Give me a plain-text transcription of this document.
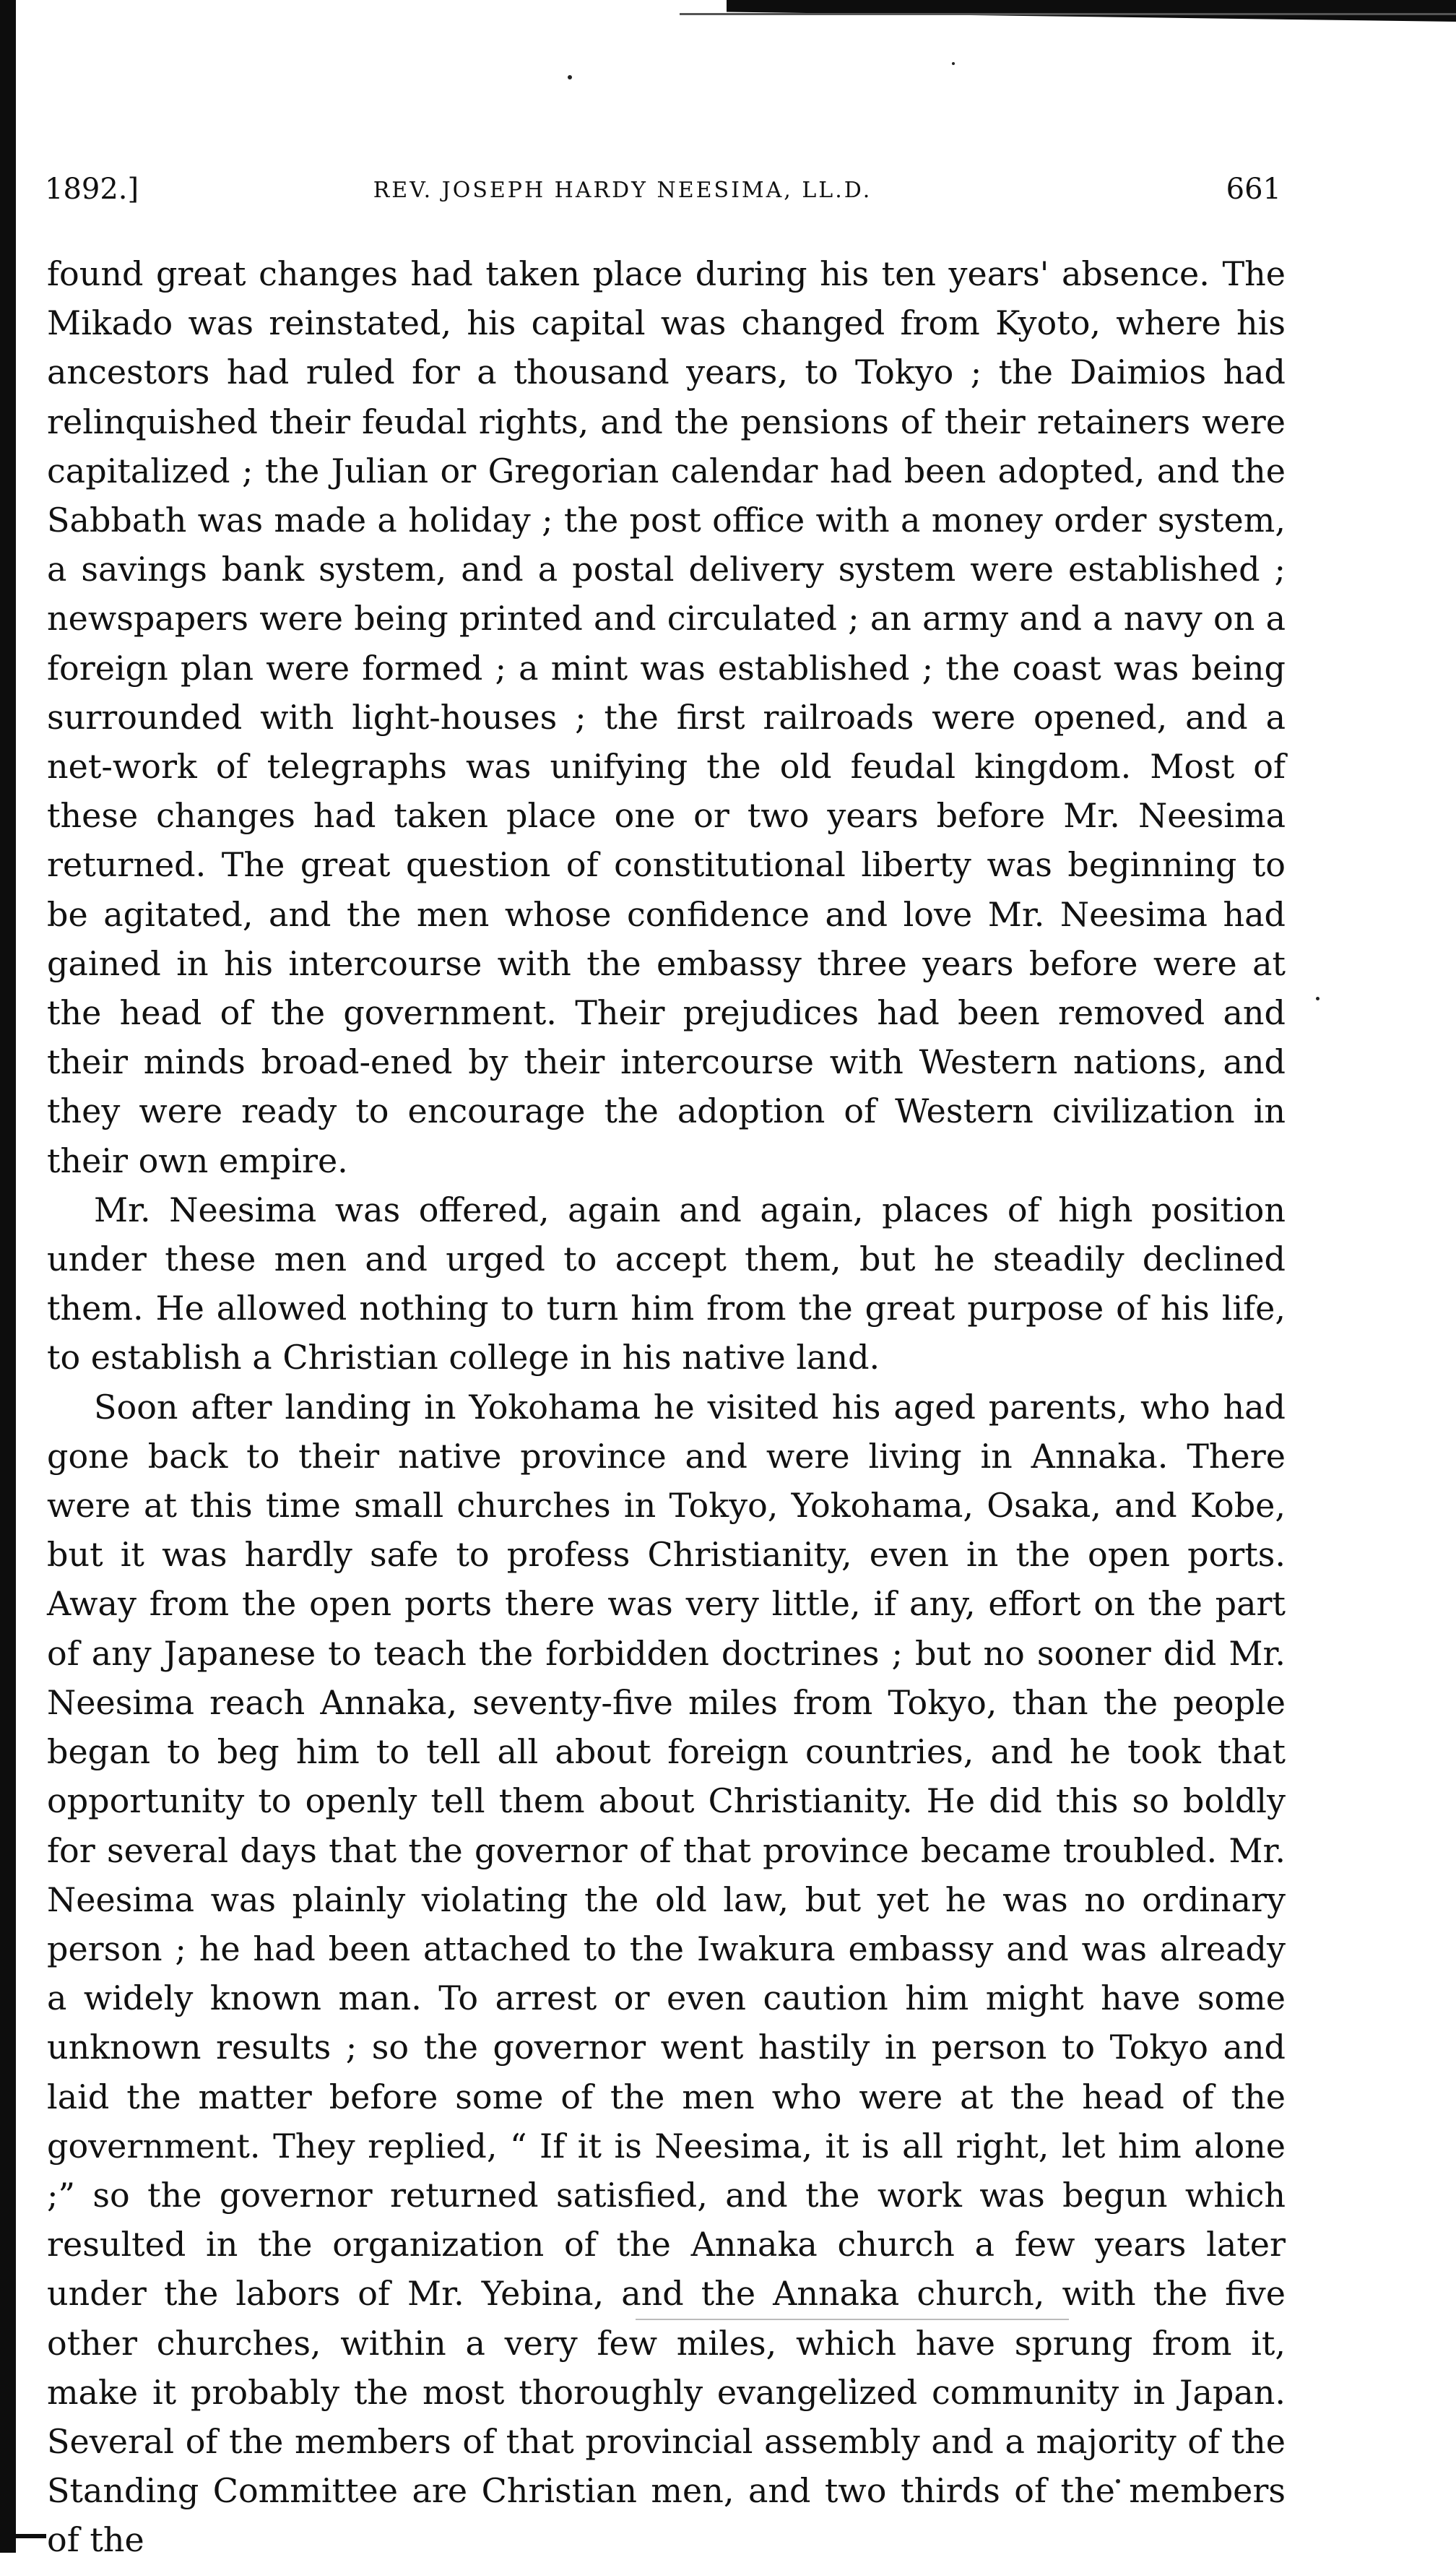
1892.]	REV. JOSEPH HARDY NEESIMA, LL.D.	661

found great changes had taken place during his ten years' absence. The Mikado was reinstated, his capital was changed from Kyoto, where his ancestors had ruled for a thousand years, to Tokyo ; the Daimios had relinquished their feudal rights, and the pensions of their retainers were capitalized ; the Julian or Gregorian calendar had been adopted, and the Sabbath was made a holiday ; the post office with a money order system, a savings bank system, and a postal delivery system were established ; newspapers were being printed and circulated ; an army and a navy on a foreign plan were formed ; a mint was established ; the coast was being surrounded with light-houses ; the first railroads were opened, and a net-work of telegraphs was unifying the old feudal kingdom. Most of these changes had taken place one or two years before Mr. Neesima returned. The great question of constitutional liberty was beginning to be agitated, and the men whose confidence and love Mr. Neesima had gained in his intercourse with the embassy three years before were at the head of the government. Their prejudices had been removed and their minds broad-ened by their intercourse with Western nations, and they were ready to encourage the adoption of Western civilization in their own empire.

Mr. Neesima was offered, again and again, places of high position under these men and urged to accept them, but he steadily declined them. He allowed nothing to turn him from the great purpose of his life, to establish a Christian college in his native land.

Soon after landing in Yokohama he visited his aged parents, who had gone back to their native province and were living in Annaka. There were at this time small churches in Tokyo, Yokohama, Osaka, and Kobe, but it was hardly safe to profess Christianity, even in the open ports. Away from the open ports there was very little, if any, effort on the part of any Japanese to teach the forbidden doctrines ; but no sooner did Mr. Neesima reach Annaka, seventy-five miles from Tokyo, than the people began to beg him to tell all about foreign countries, and he took that opportunity to openly tell them about Christianity. He did this so boldly for several days that the governor of that province became troubled. Mr. Neesima was plainly violating the old law, but yet he was no ordinary person ; he had been attached to the Iwakura embassy and was already a widely known man. To arrest or even caution him might have some unknown results ; so the governor went hastily in person to Tokyo and laid the matter before some of the men who were at the head of the government. They replied, “ If it is Neesima, it is all right, let him alone ;” so the governor returned satisfied, and the work was begun which resulted in the organization of the Annaka church a few years later under the labors of Mr. Yebina, and the Annaka church, with the five other churches, within a very few miles, which have sprung from it, make it probably the most thoroughly evangelized community in Japan. Several of the members of that provincial assembly and a majority of the Standing Committee are Christian men, and two thirds of the members of the
